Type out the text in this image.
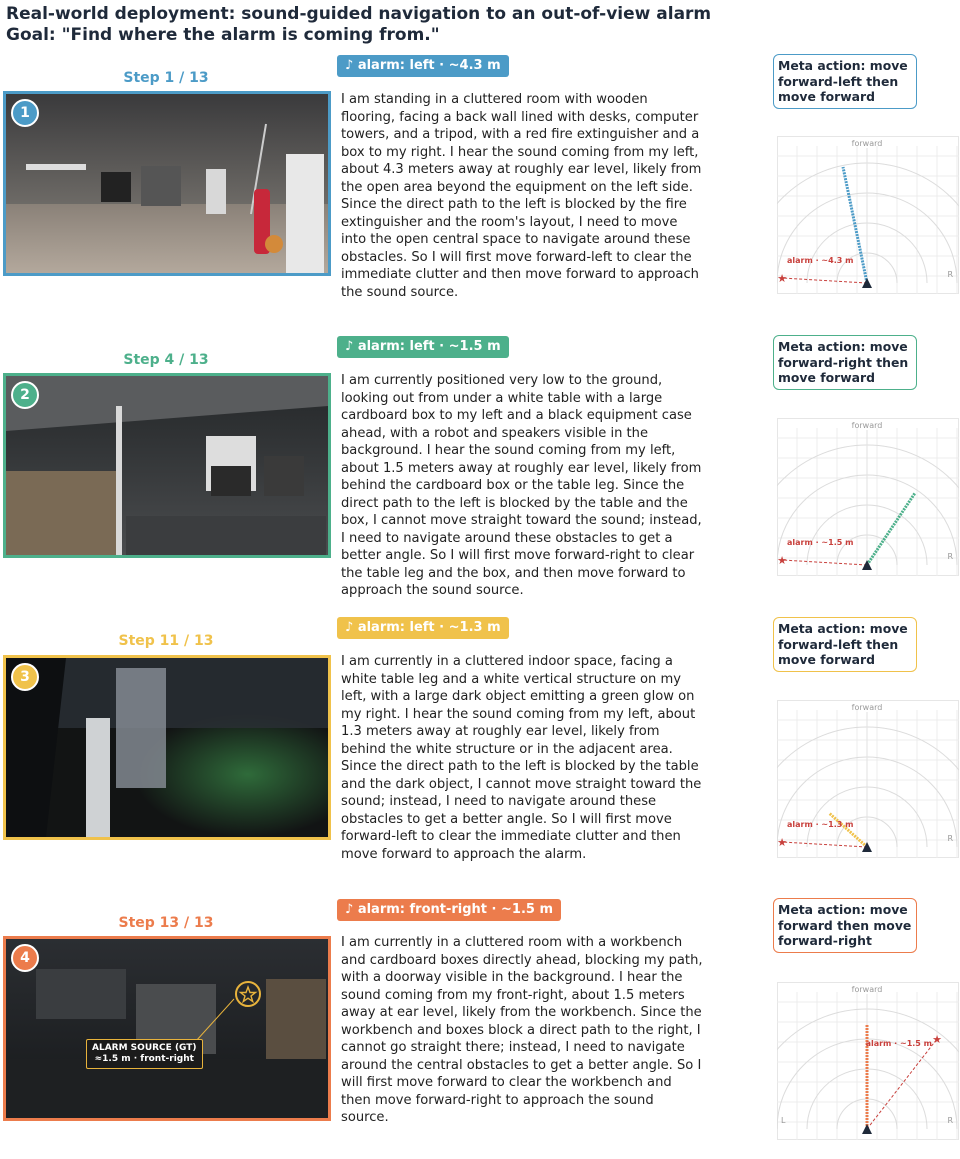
Real-world deployment: sound-guided navigation to an out-of-view alarm
Goal: "Find where the alarm is coming from."
Step 1 / 13
1
♪ alarm: left · ~4.3 m
I am standing in a cluttered room with wooden flooring, facing a back wall lined with desks, computer towers, and a tripod, with a red fire extinguisher and a box to my right. I hear the sound coming from my left, about 4.3 meters away at roughly ear level, likely from the open area beyond the equipment on the left side. Since the direct path to the left is blocked by the fire extinguisher and the room's layout, I need to move into the open central space to navigate around these obstacles. So I will first move forward-left to clear the immediate clutter and then move forward to approach the sound source.
Meta action: move forward-left then move forward
forward
R
★
alarm · ~4.3 m
Step 4 / 13
2
♪ alarm: left · ~1.5 m
I am currently positioned very low to the ground, looking out from under a white table with a large cardboard box to my left and a black equipment case ahead, with a robot and speakers visible in the background. I hear the sound coming from my left, about 1.5 meters away at roughly ear level, likely from behind the cardboard box or the table leg. Since the direct path to the left is blocked by the table and the box, I cannot move straight toward the sound; instead, I need to navigate around these obstacles to get a better angle. So I will first move forward-right to clear the table leg and the box, and then move forward to approach the sound source.
Meta action: move forward-right then move forward
forward
R
★
alarm · ~1.5 m
Step 11 / 13
3
♪ alarm: left · ~1.3 m
I am currently in a cluttered indoor space, facing a white table leg and a white vertical structure on my left, with a large dark object emitting a green glow on my right. I hear the sound coming from my left, about 1.3 meters away at roughly ear level, likely from behind the white structure or in the adjacent area. Since the direct path to the left is blocked by the table and the dark object, I cannot move straight toward the sound; instead, I need to navigate around these obstacles to get a better angle. So I will first move forward-left to clear the immediate clutter and then move forward to approach the alarm.
Meta action: move forward-left then move forward
forward
R
★
alarm · ~1.3 m
Step 13 / 13
4
ALARM SOURCE (GT)
≈1.5 m · front-right
♪ alarm: front-right · ~1.5 m
I am currently in a cluttered room with a workbench and cardboard boxes directly ahead, blocking my path, with a doorway visible in the background. I hear the sound coming from my front-right, about 1.5 meters away at ear level, likely from the workbench. Since the workbench and boxes block a direct path to the right, I cannot go straight there; instead, I need to navigate around the central obstacles to get a better angle. So I will first move forward to clear the workbench and then move forward-right to approach the sound source.
Meta action: move forward then move forward-right
forward
R
L
★
alarm · ~1.5 m
